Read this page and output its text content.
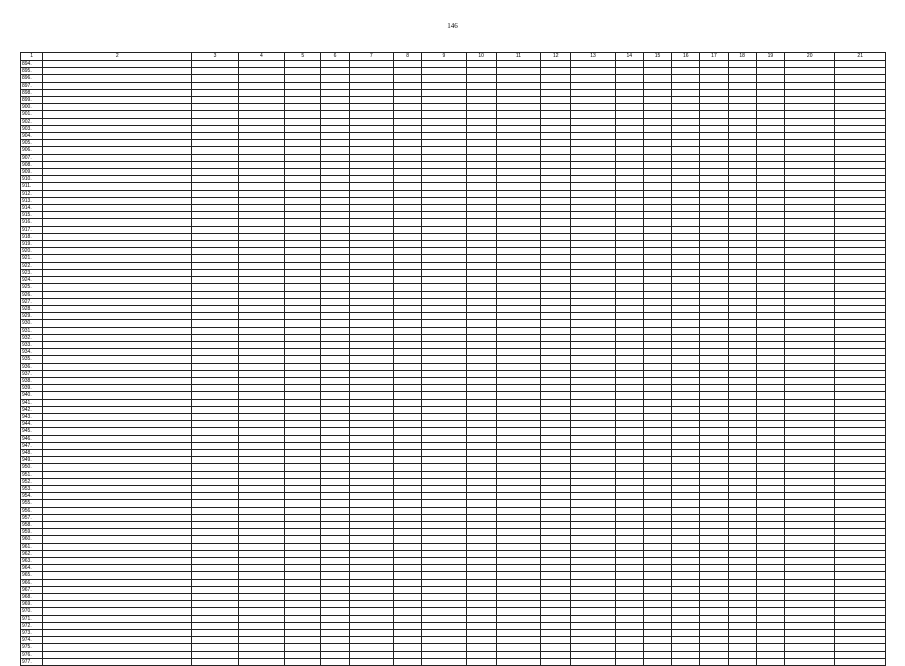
146
1	2	3	4	5	6	7	8	9	10	11	12	13	14	15	16	17	18	19	20	21
894.																				
895.																				
896.																				
897.																				
898.																				
899.																				
900.																				
901.																				
902.																				
903.																				
904.																				
905.																				
906.																				
907.																				
908.																				
909.																				
910.																				
911.																				
912.																				
913.																				
914.																				
915.																				
916.																				
917.																				
918.																				
919.																				
920.																				
921.																				
922.																				
923.																				
924.																				
925.																				
926.																				
927.																				
928.																				
929.																				
930.																				
931.																				
932.																				
933.																				
934.																				
935.																				
936.																				
937.																				
938.																				
939.																				
940.																				
941.																				
942.																				
943.																				
944.																				
945.																				
946.																				
947.																				
948.																				
949.																				
950.																				
951.																				
952.																				
953.																				
954.																				
955.																				
956.																				
957.																				
958.																				
959.																				
960.																				
961.																				
962.																				
963.																				
964.																				
965.																				
966.																				
967.																				
968.																				
969.																				
970.																				
971.																				
972.																				
973.																				
974.																				
975.																				
976.																				
977.																				
